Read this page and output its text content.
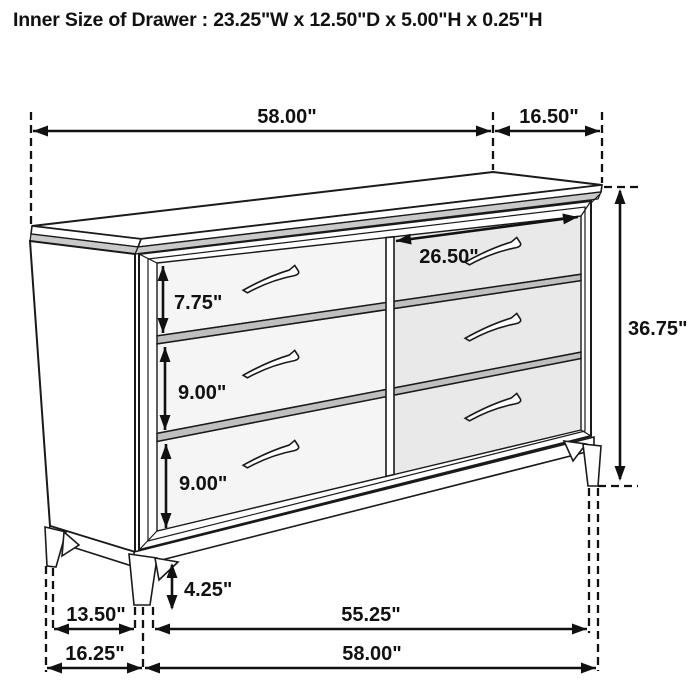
Inner Size of Drawer : 23.25"W x 12.50"D x 5.00"H x 0.25"H
58.00"	16.50"
36.75"
7.75"
9.00"
9.00"
26.50"
4.25"
13.50"	55.25"
16.25"	58.00"
